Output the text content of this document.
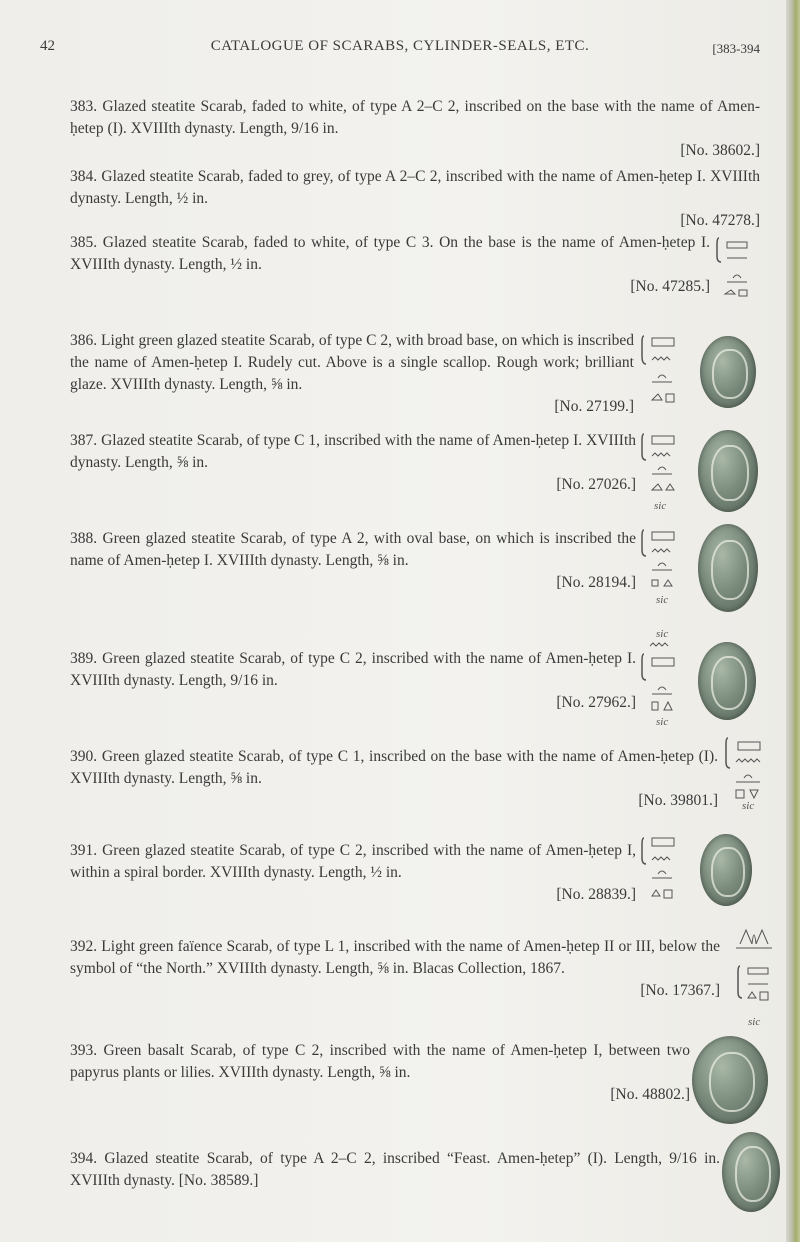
42	CATALOGUE OF SCARABS, CYLINDER-SEALS, ETC.	[383-394

383. Glazed steatite Scarab, faded to white, of type A 2–C 2, inscribed on the base with the name of Amen-ḥetep (I). XVIIIth dynasty. Length, 9/16 in.

[No. 38602.]

384. Glazed steatite Scarab, faded to grey, of type A 2–C 2, inscribed with the name of Amen-ḥetep I. XVIIIth dynasty. Length, ½ in.

[No. 47278.]

385. Glazed steatite Scarab, faded to white, of type C 3. On the base is the name of Amen-ḥetep I. XVIIIth dynasty. Length, ½ in.

[No. 47285.]

386. Light green glazed steatite Scarab, of type C 2, with broad base, on which is inscribed the name of Amen-ḥetep I. Rudely cut. Above is a single scallop. Rough work; brilliant glaze. XVIIIth dynasty. Length, ⅝ in.

[No. 27199.]

387. Glazed steatite Scarab, of type C 1, inscribed with the name of Amen-ḥetep I. XVIIIth dynasty. Length, ⅝ in.

[No. 27026.]
sic

388. Green glazed steatite Scarab, of type A 2, with oval base, on which is inscribed the name of Amen-ḥetep I. XVIIIth dynasty. Length, ⅝ in.

[No. 28194.]
sic
sic

389. Green glazed steatite Scarab, of type C 2, inscribed with the name of Amen-ḥetep I. XVIIIth dynasty. Length, 9/16 in.

[No. 27962.]
sic

390. Green glazed steatite Scarab, of type C 1, inscribed on the base with the name of Amen-ḥetep (I). XVIIIth dynasty. Length, ⅝ in.

[No. 39801.] sic

391. Green glazed steatite Scarab, of type C 2, inscribed with the name of Amen-ḥetep I, within a spiral border. XVIIIth dynasty. Length, ½ in.

[No. 28839.]

392. Light green faïence Scarab, of type L 1, inscribed with the name of Amen-ḥetep II or III, below the symbol of “the North.” XVIIIth dynasty. Length, ⅝ in. Blacas Collection, 1867.

[No. 17367.]
sic

393. Green basalt Scarab, of type C 2, inscribed with the name of Amen-ḥetep I, between two papyrus plants or lilies. XVIIIth dynasty. Length, ⅝ in.

[No. 48802.]

394. Glazed steatite Scarab, of type A 2–C 2, inscribed “Feast. Amen-ḥetep” (I). Length, 9/16 in. XVIIIth dynasty. [No. 38589.]
